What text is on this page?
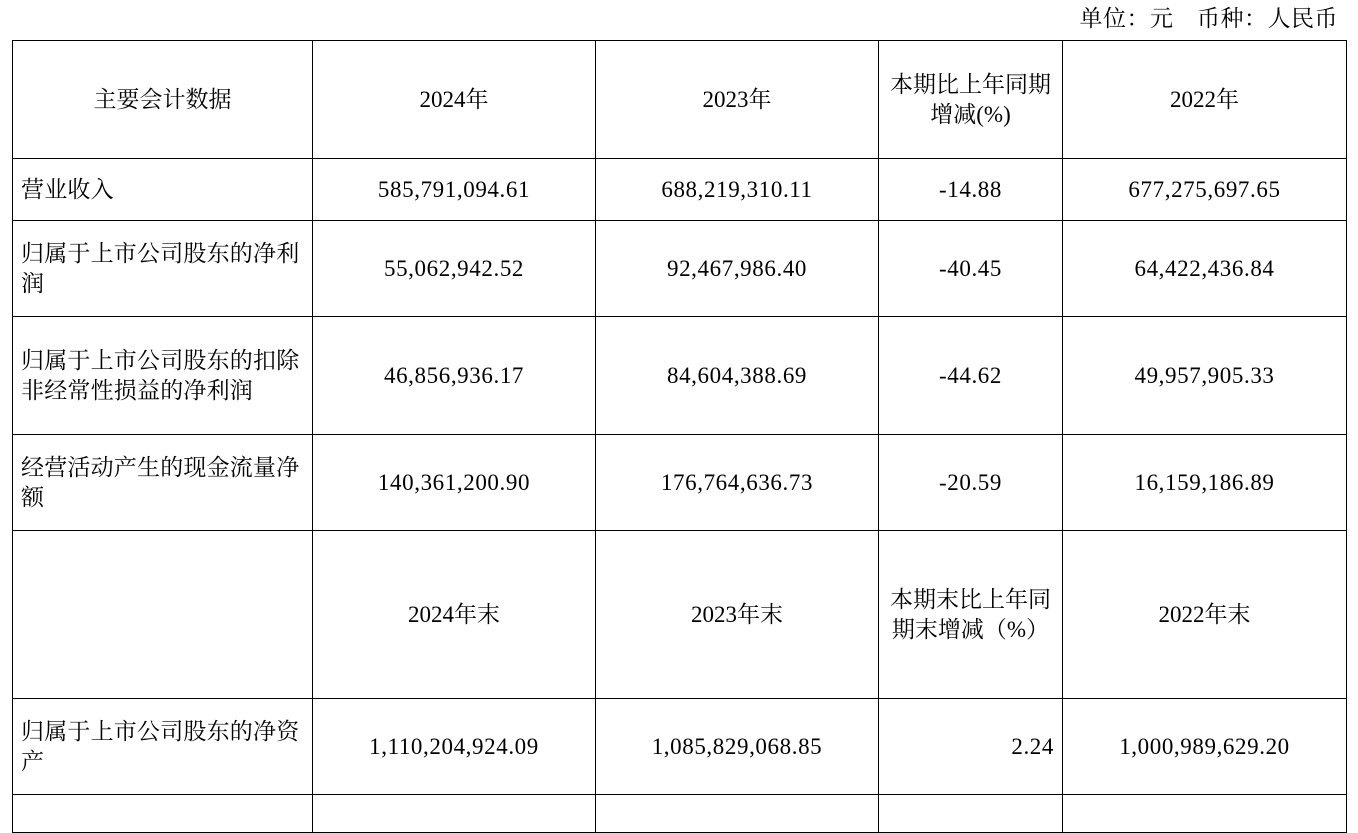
单位：元　币种：人民币
主要会计数据	2024年	2023年	本期比上年同期增减(%)	2022年
营业收入	585,791,094.61	688,219,310.11	-14.88	677,275,697.65
归属于上市公司股东的净利润	55,062,942.52	92,467,986.40	-40.45	64,422,436.84
归属于上市公司股东的扣除非经常性损益的净利润	46,856,936.17	84,604,388.69	-44.62	49,957,905.33
经营活动产生的现金流量净额	140,361,200.90	176,764,636.73	-20.59	16,159,186.89
	2024年末	2023年末	本期末比上年同期末增减（%）	2022年末
归属于上市公司股东的净资产	1,110,204,924.09	1,085,829,068.85	2.24	1,000,989,629.20
